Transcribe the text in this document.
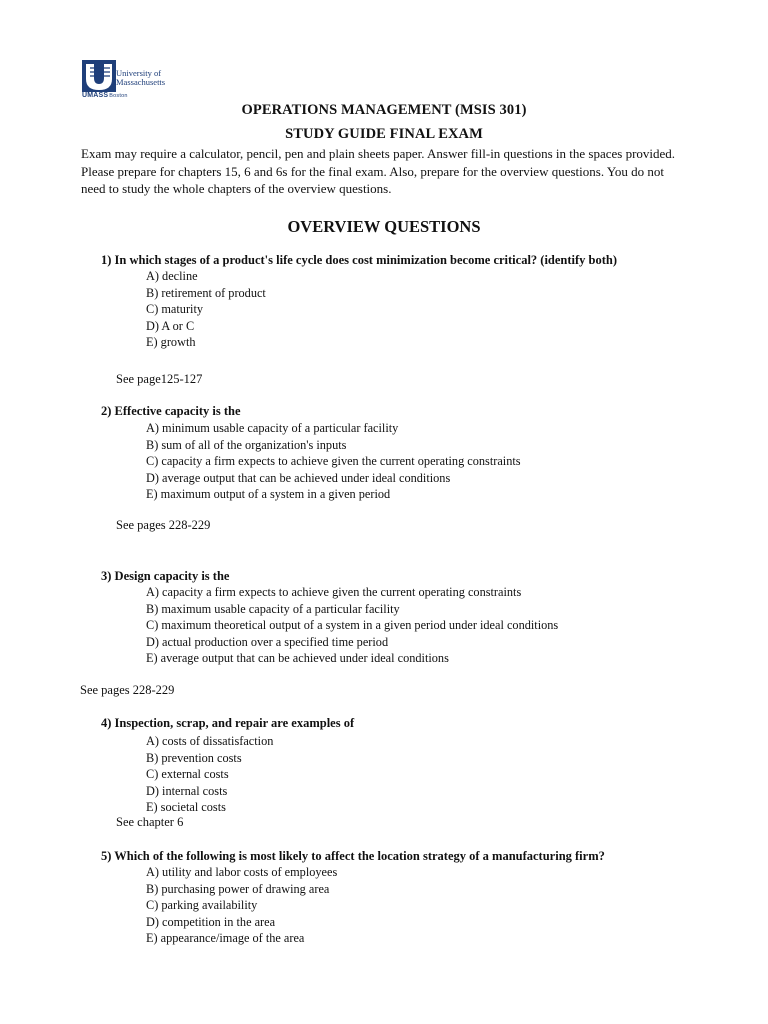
University of
Massachusetts
UMASSBoston
OPERATIONS MANAGEMENT (MSIS 301)
STUDY GUIDE FINAL EXAM
Exam may require a calculator, pencil, pen and plain sheets paper. Answer fill-in questions in the spaces provided. Please prepare for chapters 15, 6 and 6s for the final exam. Also, prepare for the overview questions. You do not need to study the whole chapters of the overview questions.
OVERVIEW QUESTIONS
1) In which stages of a product's life cycle does cost minimization become critical? (identify both)
A) decline
B) retirement of product
C) maturity
D) A or C
E) growth
See page125-127
2) Effective capacity is the
A) minimum usable capacity of a particular facility
B) sum of all of the organization's inputs
C) capacity a firm expects to achieve given the current operating constraints
D) average output that can be achieved under ideal conditions
E) maximum output of a system in a given period
See pages 228-229
3) Design capacity is the
A) capacity a firm expects to achieve given the current operating constraints
B) maximum usable capacity of a particular facility
C) maximum theoretical output of a system in a given period under ideal conditions
D) actual production over a specified time period
E) average output that can be achieved under ideal conditions
See pages 228-229
4) Inspection, scrap, and repair are examples of
A) costs of dissatisfaction
B) prevention costs
C) external costs
D) internal costs
E) societal costs
See chapter 6
5) Which of the following is most likely to affect the location strategy of a manufacturing firm?
A) utility and labor costs of employees
B) purchasing power of drawing area
C) parking availability
D) competition in the area
E) appearance/image of the area
